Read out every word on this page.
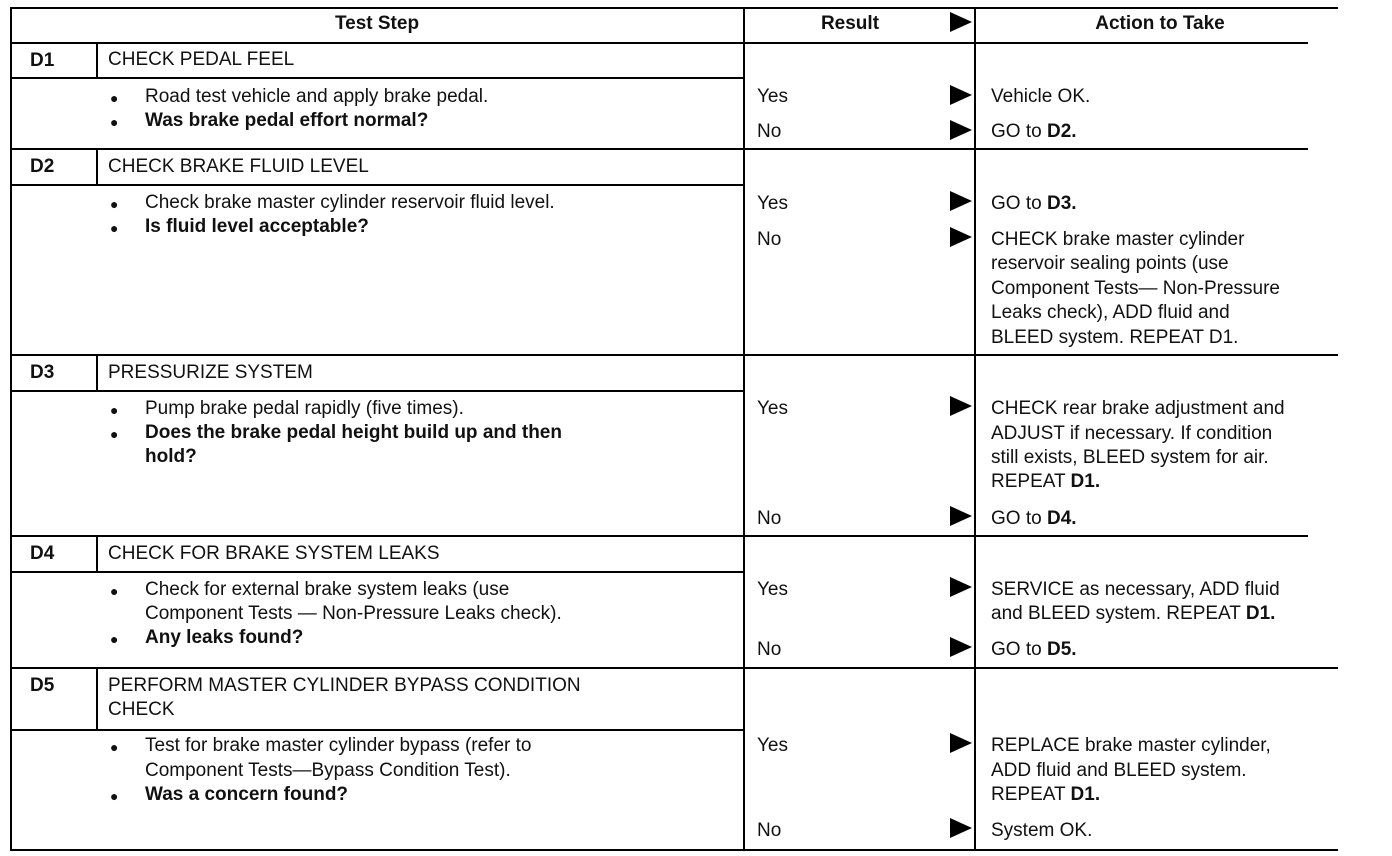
Test Step	Result	Action to Take
D1	CHECK PEDAL FEEL
● Road test vehicle and apply brake pedal.
● Was brake pedal effort normal?
Yes	Vehicle OK.
No	GO to D2.
D2	CHECK BRAKE FLUID LEVEL
● Check brake master cylinder reservoir fluid level.
● Is fluid level acceptable?
Yes	GO to D3.
No	CHECK brake master cylinder
reservoir sealing points (use
Component Tests— Non-Pressure
Leaks check), ADD fluid and
BLEED system. REPEAT D1.
D3	PRESSURIZE SYSTEM
● Pump brake pedal rapidly (five times).
● Does the brake pedal height build up and then
hold?
Yes	CHECK rear brake adjustment and
ADJUST if necessary. If condition
still exists, BLEED system for air.
REPEAT D1.
No	GO to D4.
D4	CHECK FOR BRAKE SYSTEM LEAKS
● Check for external brake system leaks (use
Component Tests — Non-Pressure Leaks check).
● Any leaks found?
Yes	SERVICE as necessary, ADD fluid
and BLEED system. REPEAT D1.
No	GO to D5.
D5	PERFORM MASTER CYLINDER BYPASS CONDITION
CHECK
● Test for brake master cylinder bypass (refer to
Component Tests—Bypass Condition Test).
● Was a concern found?
Yes	REPLACE brake master cylinder,
ADD fluid and BLEED system.
REPEAT D1.
No	System OK.
